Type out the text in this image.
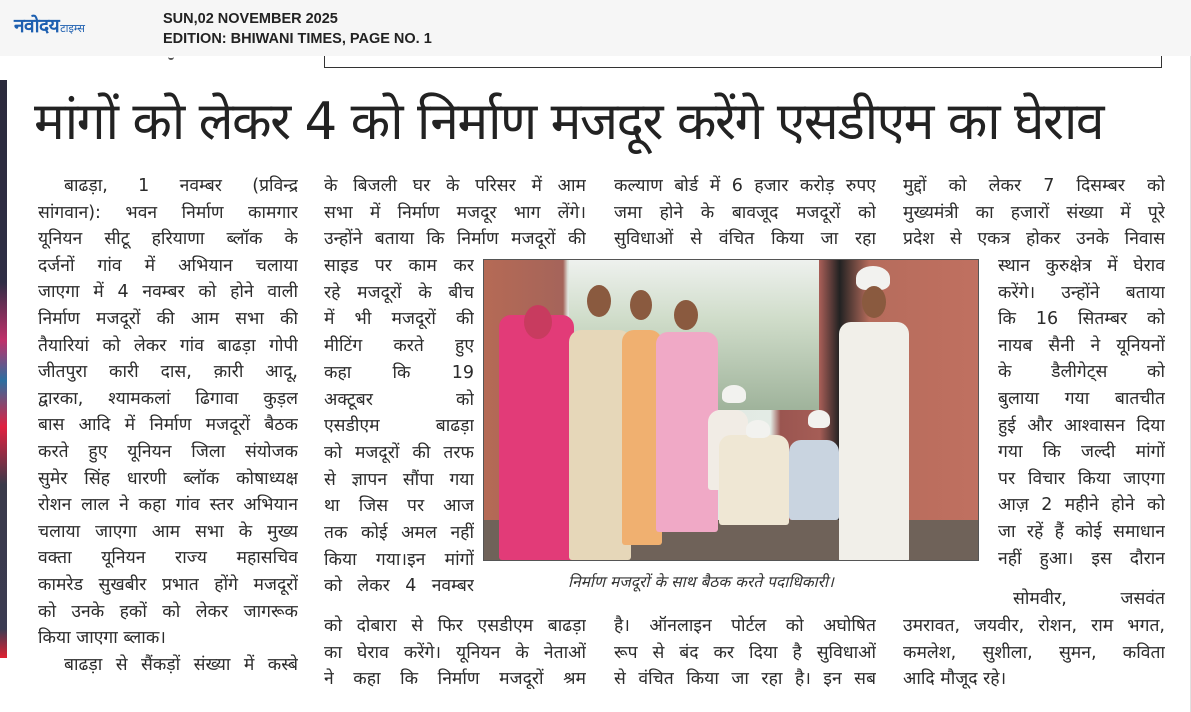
नवोदय टाइम्स
SUN,02 NOVEMBER 2025
EDITION: BHIWANI TIMES, PAGE NO. 1
मांगों को लेकर 4 को निर्माण मजदूर करेंगे एसडीएम का घेराव
बाढड़ा, 1 नवम्बर (प्रविन्द्र
सांगवान): भवन निर्माण कामगार
यूनियन सीटू हरियाणा ब्लॉक के
दर्जनों गांव में अभियान चलाया
जाएगा में 4 नवम्बर को होने वाली
निर्माण मजदूरों की आम सभा की
तैयारियां को लेकर गांव बाढड़ा गोपी
जीतपुरा कारी दास, क़ारी आदू,
द्वारका, श्यामकलां ढिगावा कुड़ल
बास आदि में निर्माण मजदूरों बैठक
करते हुए यूनियन जिला संयोजक
सुमेर सिंह धारणी ब्लॉक कोषाध्यक्ष
रोशन लाल ने कहा गांव स्तर अभियान
चलाया जाएगा आम सभा के मुख्य
वक्ता यूनियन राज्य महासचिव
कामरेड सुखबीर प्रभात होंगे मजदूरों
को उनके हकों को लेकर जागरूक
किया जाएगा ब्लाक।
बाढड़ा से सैंकड़ों संख्या में कस्बे
के बिजली घर के परिसर में आम
सभा में निर्माण मजदूर भाग लेंगे।
उन्होंने बताया कि निर्माण मजदूरों की
साइड पर काम कर
रहे मजदूरों के बीच
में भी मजदूरों की
मीटिंग करते हुए
कहा कि 19
अक्टूबर को
एसडीएम बाढड़ा
को मजदूरों की तरफ
से ज्ञापन सौंपा गया
था जिस पर आज
तक कोई अमल नहीं
किया गया।इन मांगों
को लेकर 4 नवम्बर
को दोबारा से फिर एसडीएम बाढड़ा
का घेराव करेंगे। यूनियन के नेताओं
ने कहा कि निर्माण मजदूरों श्रम
कल्याण बोर्ड में 6 हजार करोड़ रुपए
जमा होने के बावजूद मजदूरों को
सुविधाओं से वंचित किया जा रहा
है। ऑनलाइन पोर्टल को अघोषित
रूप से बंद कर दिया है सुविधाओं
से वंचित किया जा रहा है। इन सब
मुद्दों को लेकर 7 दिसम्बर को
मुख्यमंत्री का हजारों संख्या में पूरे
प्रदेश से एकत्र होकर उनके निवास
स्थान कुरुक्षेत्र में घेराव
करेंगे। उन्होंने बताया
कि 16 सितम्बर को
नायब सैनी ने यूनियनों
के डैलीगेट्स को
बुलाया गया बातचीत
हुई और आश्वासन दिया
गया कि जल्दी मांगों
पर विचार किया जाएगा
आज़ 2 महीने होने को
जा रहें हैं कोई समाधान
नहीं हुआ। इस दौरान
सोमवीर, जसवंत
उमरावत, जयवीर, रोशन, राम भगत,
कमलेश, सुशीला, सुमन, कविता
आदि मौजूद रहे।
निर्माण मजदूरों के साथ बैठक करते पदाधिकारी।
